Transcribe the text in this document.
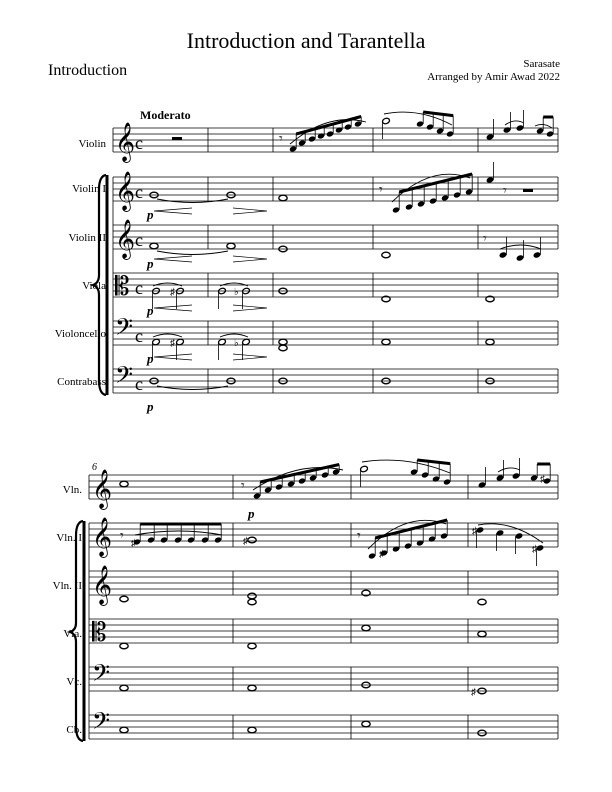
Introduction and Tarantella
Introduction	Sarasate
Arranged by Amir Awad 2022
Moderato
Violin
Violin I
Violin II
Viola
Violoncello
Contrabass
6
Vln.
Vln. I
Vln. II
Vla.
Vc.
Cb.
p
p
p
p
p
p
c
c
c
c
c
c
𝄞
𝄞
𝄞
𝄡
𝄢
𝄢
𝄾
𝄾	𝄾
𝄾
♯	♭
♯	♭
𝄞
𝄞
𝄞
𝄡
𝄢
𝄢
𝄾	♯
𝄾 ♯	♯	𝄾
♯
♯
♯
♯
